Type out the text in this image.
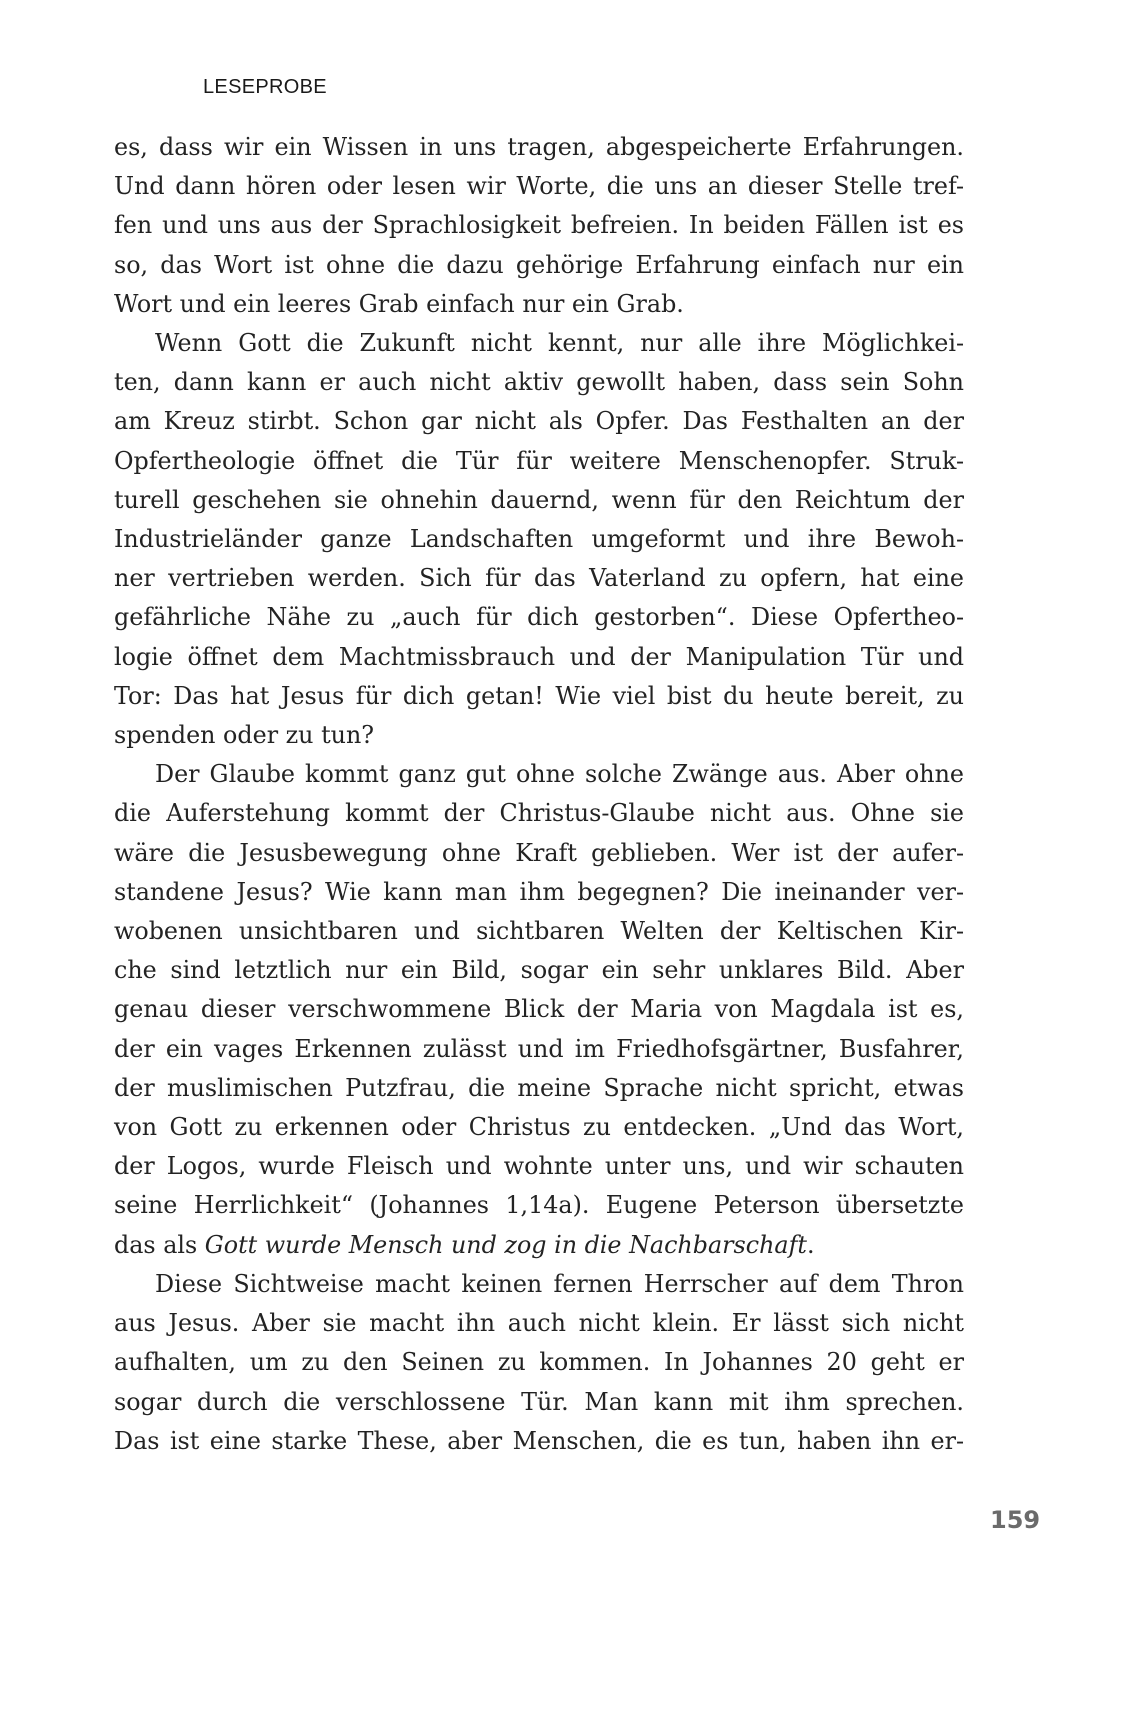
LESEPROBE

es, dass wir ein Wissen in uns tragen, abgespeicherte Erfahrungen.
Und dann hören oder lesen wir Worte, die uns an dieser Stelle tref-
fen und uns aus der Sprachlosigkeit befreien. In beiden Fällen ist es
so, das Wort ist ohne die dazu gehörige Erfahrung einfach nur ein
Wort und ein leeres Grab einfach nur ein Grab.

Wenn Gott die Zukunft nicht kennt, nur alle ihre Möglichkei-
ten, dann kann er auch nicht aktiv gewollt haben, dass sein Sohn
am Kreuz stirbt. Schon gar nicht als Opfer. Das Festhalten an der
Opfertheologie öffnet die Tür für weitere Menschenopfer. Struk-
turell geschehen sie ohnehin dauernd, wenn für den Reichtum der
Industrieländer ganze Landschaften umgeformt und ihre Bewoh-
ner vertrieben werden. Sich für das Vaterland zu opfern, hat eine
gefährliche Nähe zu „auch für dich gestorben“. Diese Opfertheo-
logie öffnet dem Machtmissbrauch und der Manipulation Tür und
Tor: Das hat Jesus für dich getan! Wie viel bist du heute bereit, zu
spenden oder zu tun?

Der Glaube kommt ganz gut ohne solche Zwänge aus. Aber ohne
die Auferstehung kommt der Christus-Glaube nicht aus. Ohne sie
wäre die Jesusbewegung ohne Kraft geblieben. Wer ist der aufer-
standene Jesus? Wie kann man ihm begegnen? Die ineinander ver-
wobenen unsichtbaren und sichtbaren Welten der Keltischen Kir-
che sind letztlich nur ein Bild, sogar ein sehr unklares Bild. Aber
genau dieser verschwommene Blick der Maria von Magdala ist es,
der ein vages Erkennen zulässt und im Friedhofsgärtner, Busfahrer,
der muslimischen Putzfrau, die meine Sprache nicht spricht, etwas
von Gott zu erkennen oder Christus zu entdecken. „Und das Wort,
der Logos, wurde Fleisch und wohnte unter uns, und wir schauten
seine Herrlichkeit“ (Johannes 1,14a). Eugene Peterson übersetzte
das als Gott wurde Mensch und zog in die Nachbarschaft.

Diese Sichtweise macht keinen fernen Herrscher auf dem Thron
aus Jesus. Aber sie macht ihn auch nicht klein. Er lässt sich nicht
aufhalten, um zu den Seinen zu kommen. In Johannes 20 geht er
sogar durch die verschlossene Tür. Man kann mit ihm sprechen.
Das ist eine starke These, aber Menschen, die es tun, haben ihn er-

159
